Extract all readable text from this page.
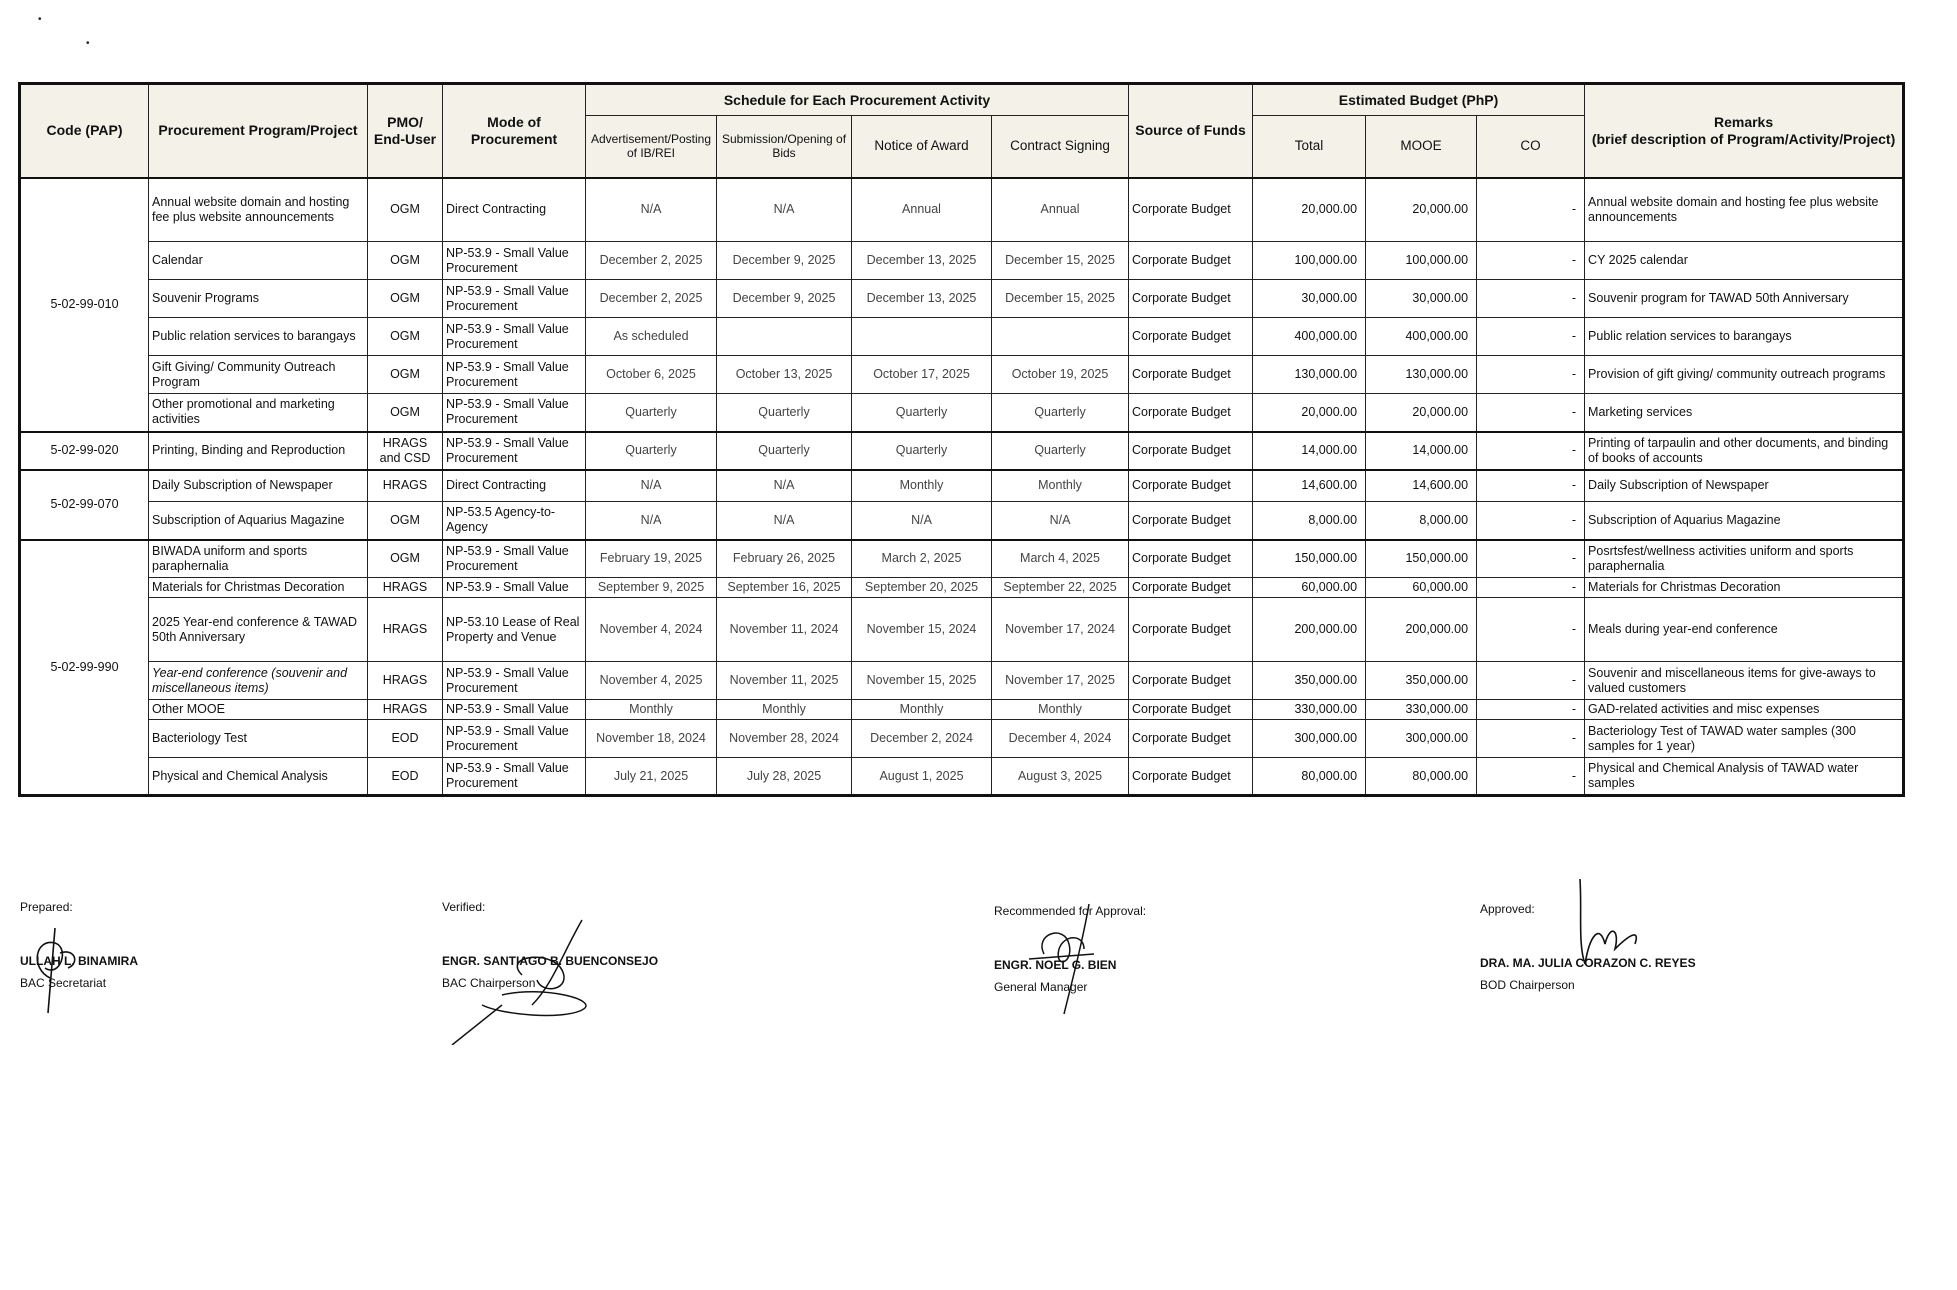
•
•
Code (PAP)	Procurement Program/Project	PMO/ End-User	Mode of Procurement	Schedule for Each Procurement Activity				Source of Funds	Estimated Budget (PhP)			Remarks
(brief description of Program/Activity/Project)
				Advertisement/Posting of IB/REI	Submission/Opening of Bids	Notice of Award	Contract Signing		Total	MOOE	CO	
5-02-99-010	Annual website domain and hosting fee plus website announcements	OGM	Direct Contracting	N/A	N/A	Annual	Annual	Corporate Budget	20,000.00	20,000.00	-	Annual website domain and hosting fee plus website announcements
	Calendar	OGM	NP-53.9 - Small Value Procurement	December 2, 2025	December 9, 2025	December 13, 2025	December 15, 2025	Corporate Budget	100,000.00	100,000.00	-	CY 2025 calendar
	Souvenir Programs	OGM	NP-53.9 - Small Value Procurement	December 2, 2025	December 9, 2025	December 13, 2025	December 15, 2025	Corporate Budget	30,000.00	30,000.00	-	Souvenir program for TAWAD 50th Anniversary
	Public relation services to barangays	OGM	NP-53.9 - Small Value Procurement	As scheduled				Corporate Budget	400,000.00	400,000.00	-	Public relation services to barangays
	Gift Giving/ Community Outreach Program	OGM	NP-53.9 - Small Value Procurement	October 6, 2025	October 13, 2025	October 17, 2025	October 19, 2025	Corporate Budget	130,000.00	130,000.00	-	Provision of gift giving/ community outreach programs
	Other promotional and marketing activities	OGM	NP-53.9 - Small Value Procurement	Quarterly	Quarterly	Quarterly	Quarterly	Corporate Budget	20,000.00	20,000.00	-	Marketing services
5-02-99-020	Printing, Binding and Reproduction	HRAGS and CSD	NP-53.9 - Small Value Procurement	Quarterly	Quarterly	Quarterly	Quarterly	Corporate Budget	14,000.00	14,000.00	-	Printing of tarpaulin and other documents, and binding of books of accounts
5-02-99-070	Daily Subscription of Newspaper	HRAGS	Direct Contracting	N/A	N/A	Monthly	Monthly	Corporate Budget	14,600.00	14,600.00	-	Daily Subscription of Newspaper
	Subscription of Aquarius Magazine	OGM	NP-53.5 Agency-to-Agency	N/A	N/A	N/A	N/A	Corporate Budget	8,000.00	8,000.00	-	Subscription of Aquarius Magazine
5-02-99-990	BIWADA uniform and sports paraphernalia	OGM	NP-53.9 - Small Value Procurement	February 19, 2025	February 26, 2025	March 2, 2025	March 4, 2025	Corporate Budget	150,000.00	150,000.00	-	Posrtsfest/wellness activities uniform and sports paraphernalia
	Materials for Christmas Decoration	HRAGS	NP-53.9 - Small Value	September 9, 2025	September 16, 2025	September 20, 2025	September 22, 2025	Corporate Budget	60,000.00	60,000.00	-	Materials for Christmas Decoration
	2025 Year-end conference & TAWAD 50th Anniversary	HRAGS	NP-53.10 Lease of Real Property and Venue	November 4, 2024	November 11, 2024	November 15, 2024	November 17, 2024	Corporate Budget	200,000.00	200,000.00	-	Meals during year-end conference
	Year-end conference (souvenir and miscellaneous items)	HRAGS	NP-53.9 - Small Value Procurement	November 4, 2025	November 11, 2025	November 15, 2025	November 17, 2025	Corporate Budget	350,000.00	350,000.00	-	Souvenir and miscellaneous items for give-aways to valued customers
	Other MOOE	HRAGS	NP-53.9 - Small Value	Monthly	Monthly	Monthly	Monthly	Corporate Budget	330,000.00	330,000.00	-	GAD-related activities and misc expenses
	Bacteriology Test	EOD	NP-53.9 - Small Value Procurement	November 18, 2024	November 28, 2024	December 2, 2024	December 4, 2024	Corporate Budget	300,000.00	300,000.00	-	Bacteriology Test of TAWAD water samples (300 samples for 1 year)
	Physical and Chemical Analysis	EOD	NP-53.9 - Small Value Procurement	July 21, 2025	July 28, 2025	August 1, 2025	August 3, 2025	Corporate Budget	80,000.00	80,000.00	-	Physical and Chemical Analysis of TAWAD water samples
Prepared:
ULLAH L. BINAMIRA
BAC Secretariat
Verified:
ENGR. SANTIAGO B. BUENCONSEJO
BAC Chairperson
Recommended for Approval:
ENGR. NOEL G. BIEN
General Manager
Approved:
DRA. MA. JULIA CORAZON C. REYES
BOD Chairperson
